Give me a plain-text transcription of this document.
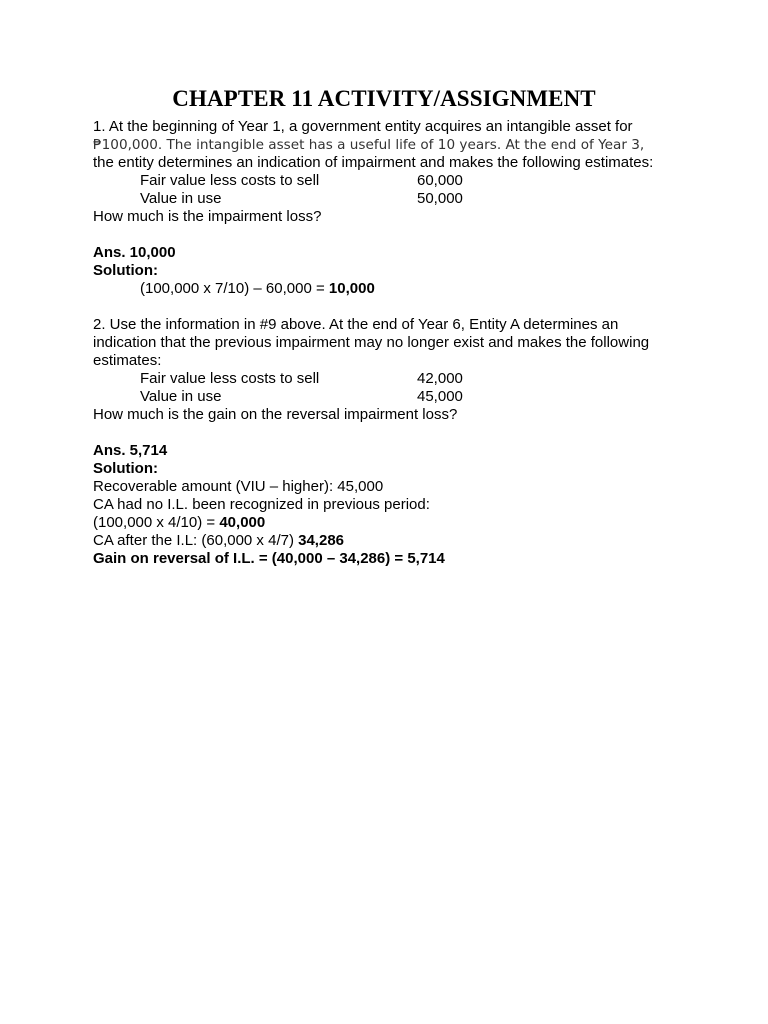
CHAPTER 11 ACTIVITY/ASSIGNMENT
1. At the beginning of Year 1, a government entity acquires an intangible asset for
₱100,000. The intangible asset has a useful life of 10 years. At the end of Year 3,
the entity determines an indication of impairment and makes the following estimates:
Fair value less costs to sell	60,000
Value in use	50,000
How much is the impairment loss?
Ans. 10,000
Solution:
(100,000 x 7/10) – 60,000 = 10,000
2. Use the information in #9 above. At the end of Year 6, Entity A determines an
indication that the previous impairment may no longer exist and makes the following
estimates:
Fair value less costs to sell	42,000
Value in use	45,000
How much is the gain on the reversal impairment loss?
Ans. 5,714
Solution:
Recoverable amount (VIU – higher): 45,000
CA had no I.L. been recognized in previous period:
(100,000 x 4/10) = 40,000
CA after the I.L: (60,000 x 4/7) 34,286
Gain on reversal of I.L. = (40,000 – 34,286) = 5,714
